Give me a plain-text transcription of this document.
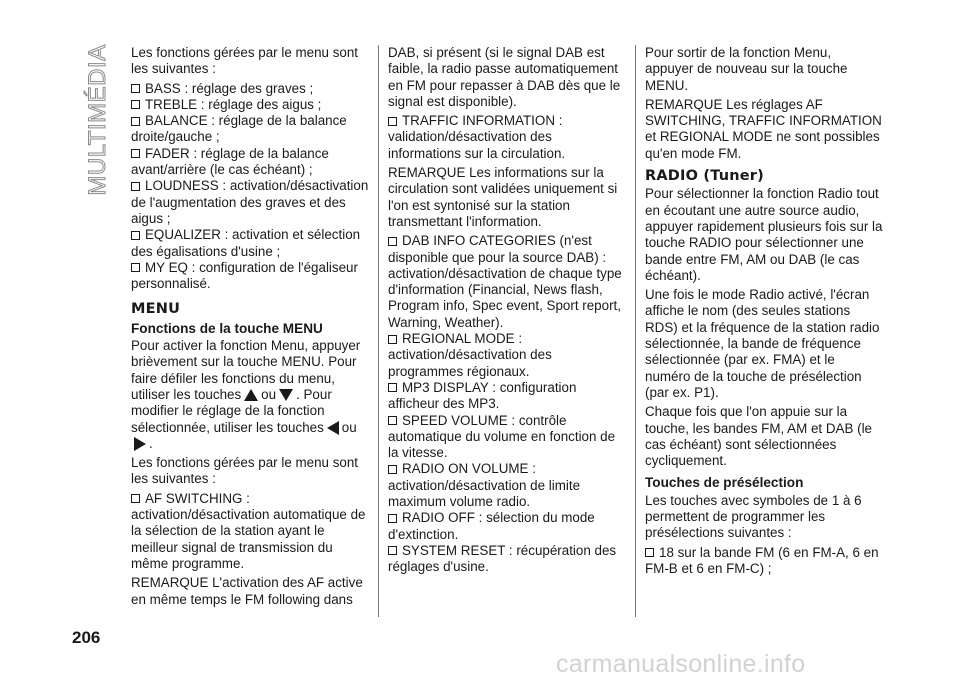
MULTIMÉDIA Les fonctions gérées par le menu sont les suivantes :

BASS : réglage des graves ;

TREBLE : réglage des aigus ;

BALANCE : réglage de la balance droite/gauche ;

FADER : réglage de la balance avant/arrière (le cas échéant) ;

LOUDNESS : activation/désactivation de l'augmentation des graves et des aigus ;

EQUALIZER : activation et sélection des égalisations d'usine ;

MY EQ : configuration de l'égaliseur personnalisé.

MENU
Fonctions de la touche MENU

Pour activer la fonction Menu, appuyer brièvement sur la touche MENU. Pour faire défiler les fonctions du menu, utiliser les touches ou . Pour modifier le réglage de la fonction sélectionnée, utiliser les touches ou .

Les fonctions gérées par le menu sont les suivantes :

AF SWITCHING : activation/désactivation automatique de la sélection de la station ayant le meilleur signal de transmission du même programme.

REMARQUE L'activation des AF active en même temps le FM following dans

DAB, si présent (si le signal DAB est faible, la radio passe automatiquement en FM pour repasser à DAB dès que le signal est disponible).

TRAFFIC INFORMATION : validation/désactivation des informations sur la circulation.

REMARQUE Les informations sur la circulation sont validées uniquement si l'on est syntonisé sur la station transmettant l'information.

DAB INFO CATEGORIES (n'est disponible que pour la source DAB) : activation/désactivation de chaque type d'information (Financial, News flash, Program info, Spec event, Sport report, Warning, Weather).

REGIONAL MODE : activation/désactivation des programmes régionaux.

MP3 DISPLAY : configuration afficheur des MP3.

SPEED VOLUME : contrôle automatique du volume en fonction de la vitesse.

RADIO ON VOLUME : activation/désactivation de limite maximum volume radio.

RADIO OFF : sélection du mode d'extinction.

SYSTEM RESET : récupération des réglages d'usine.

Pour sortir de la fonction Menu, appuyer de nouveau sur la touche MENU.

REMARQUE Les réglages AF SWITCHING, TRAFFIC INFORMATION et REGIONAL MODE ne sont possibles qu'en mode FM.

RADIO (Tuner)

Pour sélectionner la fonction Radio tout en écoutant une autre source audio, appuyer rapidement plusieurs fois sur la touche RADIO pour sélectionner une bande entre FM, AM ou DAB (le cas échéant).

Une fois le mode Radio activé, l'écran affiche le nom (des seules stations RDS) et la fréquence de la station radio sélectionnée, la bande de fréquence sélectionnée (par ex. FMA) et le numéro de la touche de présélection (par ex. P1).

Chaque fois que l'on appuie sur la touche, les bandes FM, AM et DAB (le cas échéant) sont sélectionnées cycliquement.

Touches de présélection

Les touches avec symboles de 1 à 6 permettent de programmer les présélections suivantes :

18 sur la bande FM (6 en FM-A, 6 en FM-B et 6 en FM-C) ;

206
carmanualsonline.info
